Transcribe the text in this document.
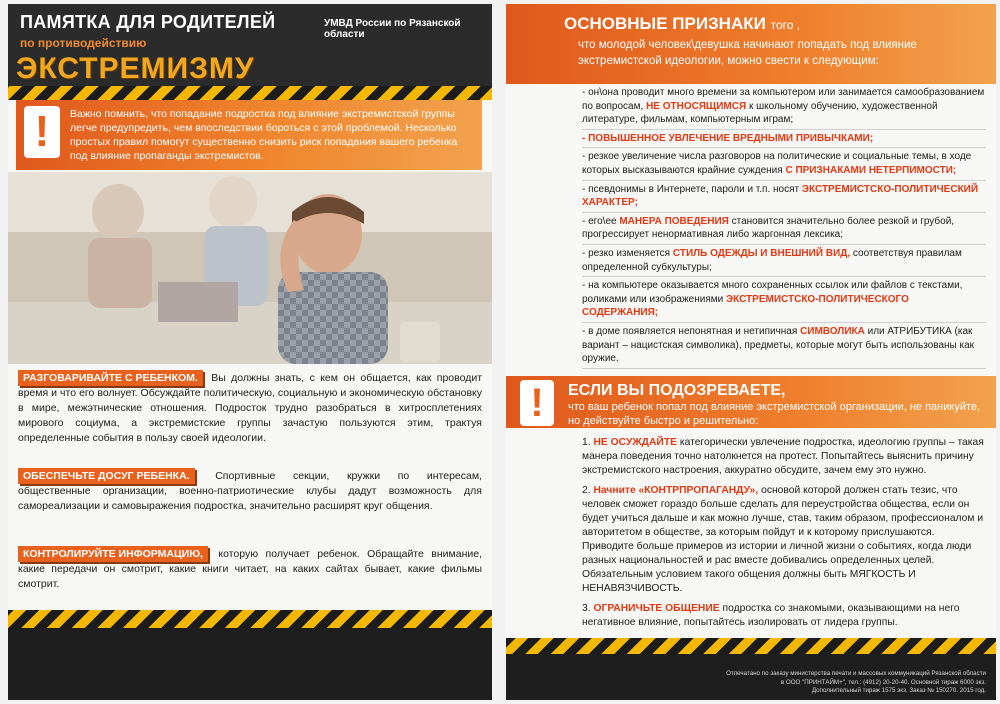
ПАМЯТКА ДЛЯ РОДИТЕЛЕЙ
по противодействию
ЭКСТРЕМИЗМУ
УМВД России по Рязанской области
!	Важно помнить, что попадание подростка под влияние экстремистской группы легче предупредить, чем впоследствии бороться с этой проблемой. Несколько простых правил помогут существенно снизить риск попадания вашего ребенка под влияние пропаганды экстремистов.
РАЗГОВАРИВАЙТЕ С РЕБЕНКОМ. Вы должны знать, с кем он общается, как проводит время и что его волнует. Обсуждайте политическую, социальную и экономическую обстановку в мире, межэтнические отношения. Подросток трудно разобраться в хитросплетениях мирового социума, а экстремистские группы зачастую пользуются этим, трактуя определенные события в пользу своей идеологии.
ОБЕСПЕЧЬТЕ ДОСУГ РЕБЕНКА. Спортивные секции, кружки по интересам, общественные организации, военно-патриотические клубы дадут возможность для самореализации и самовыражения подростка, значительно расширят круг общения.
КОНТРОЛИРУЙТЕ ИНФОРМАЦИЮ, которую получает ребенок. Обращайте внимание, какие передачи он смотрит, какие книги читает, на каких сайтах бывает, какие фильмы смотрит.
ОСНОВНЫЕ ПРИЗНАКИ того ,
что молодой человек\девушка начинают попадать под влияние экстремистской идеологии, можно свести к следующим:
- он\она проводит много времени за компьютером или занимается самообразованием по вопросам, НЕ ОТНОСЯЩИМСЯ к школьному обучению, художественной литературе, фильмам, компьютерным играм;
- ПОВЫШЕННОЕ УВЛЕЧЕНИЕ ВРЕДНЫМИ ПРИВЫЧКАМИ;
- резкое увеличение числа разговоров на политические и социальные темы, в ходе которых высказываются крайние суждения С ПРИЗНАКАМИ НЕТЕРПИМОСТИ;
- псевдонимы в Интернете, пароли и т.п. носят ЭКСТРЕМИСТСКО-ПОЛИТИЧЕСКИЙ ХАРАКТЕР;
- его\ее МАНЕРА ПОВЕДЕНИЯ становится значительно более резкой и грубой, прогрессирует ненормативная либо жаргонная лексика;
- резко изменяется СТИЛЬ ОДЕЖДЫ И ВНЕШНИЙ ВИД, соответствуя правилам определенной субкультуры;
- на компьютере оказывается много сохраненных ссылок или файлов с текстами, роликами или изображениями ЭКСТРЕМИСТСКО-ПОЛИТИЧЕСКОГО СОДЕРЖАНИЯ;
- в доме появляется непонятная и нетипичная СИМВОЛИКА или АТРИБУТИКА (как вариант – нацистская символика), предметы, которые могут быть использованы как оружие.
!	ЕСЛИ ВЫ ПОДОЗРЕВАЕТЕ,
что ваш ребенок попал под влияние экстремистской организации, не паникуйте, но действуйте быстро и решительно:

1. НЕ ОСУЖДАЙТЕ категорически увлечение подростка, идеологию группы – такая манера поведения точно натолкнется на протест. Попытайтесь выяснить причину экстремистского настроения, аккуратно обсудите, зачем ему это нужно.

2. Начните «КОНТРПРОПАГАНДУ», основой которой должен стать тезис, что человек сможет гораздо больше сделать для переустройства общества, если он будет учиться дальше и как можно лучше, став, таким образом, профессионалом и авторитетом в обществе, за которым пойдут и к которому прислушаются. Приводите больше примеров из истории и личной жизни о событиях, когда люди разных национальностей и рас вместе добивались определенных целей. Обязательным условием такого общения должны быть МЯГКОСТЬ И НЕНАВЯЗЧИВОСТЬ.

3. ОГРАНИЧЬТЕ ОБЩЕНИЕ подростка со знакомыми, оказывающими на него негативное влияние, попытайтесь изолировать от лидера группы.

Отпечатано по заказу министерства печати и массовых коммуникаций Рязанской области
в ООО "ПРИНТАЙМ+", тел.: (4912) 20-20-40. Основной тираж 6000 экз.
Дополнительный тираж 1575 экз. Заказ № 150270. 2015 год.
